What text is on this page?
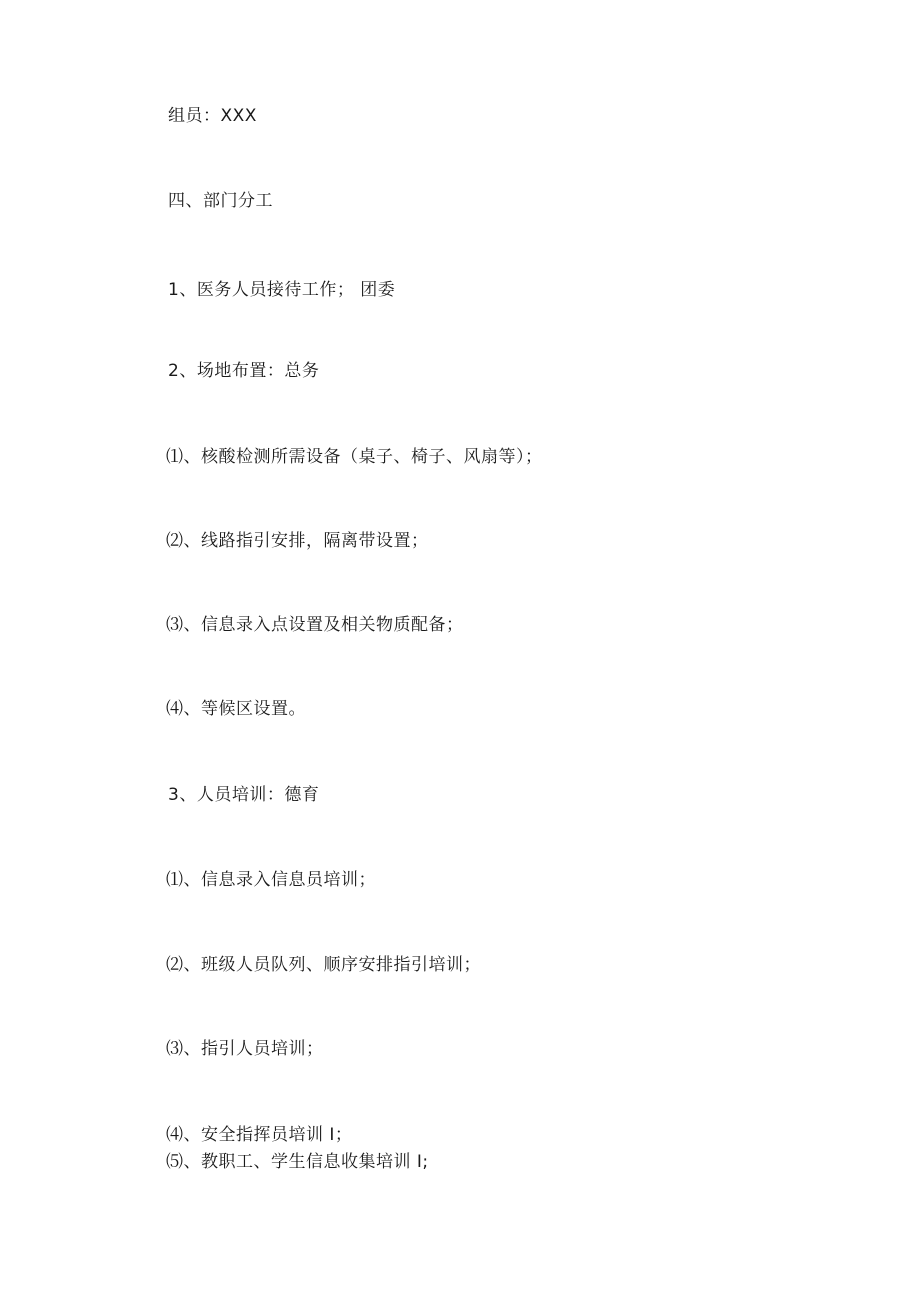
组员：XXX
四、部门分工
1、医务人员接待工作； 团委
2、场地布置：总务
⑴、核酸检测所需设备（桌子、椅子、风扇等）；
⑵、线路指引安排，隔离带设置；
⑶、信息录入点设置及相关物质配备；
⑷、等候区设置。
3、人员培训：德育
⑴、信息录入信息员培训；
⑵、班级人员队列、顺序安排指引培训；
⑶、指引人员培训；
⑷、安全指挥员培训 I；
⑸、教职工、学生信息收集培训 I;
